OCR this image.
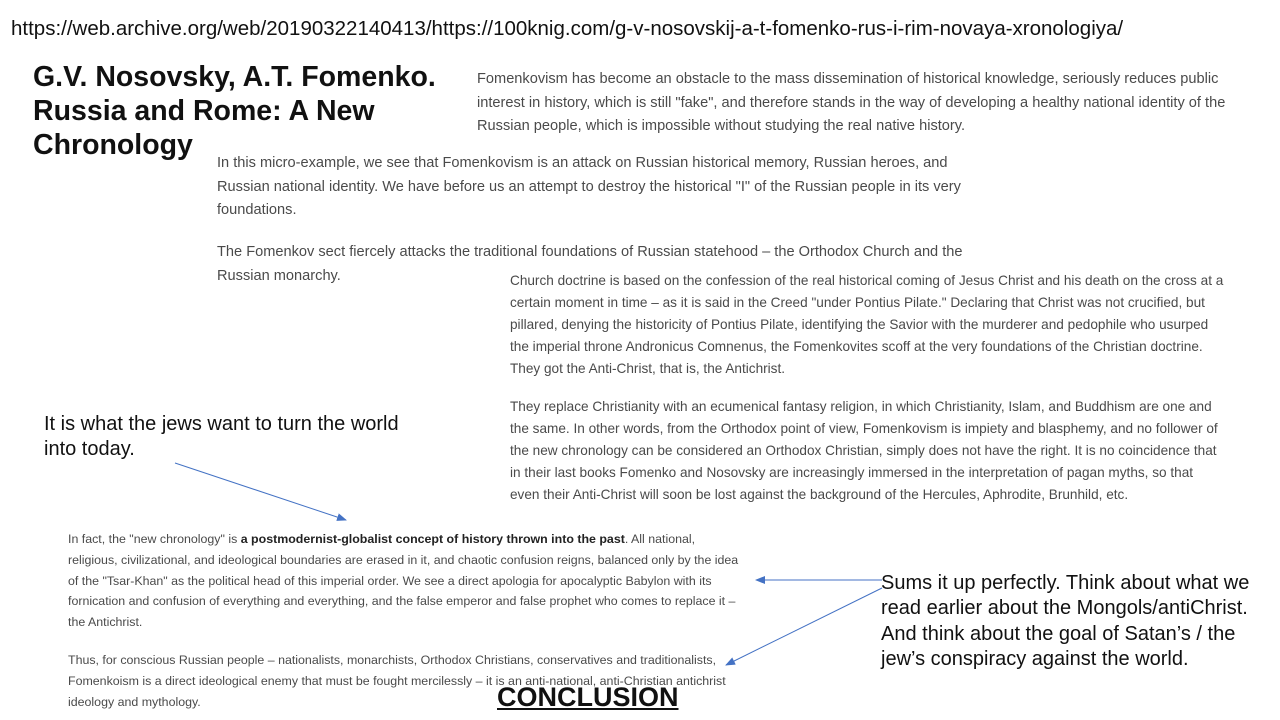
https://web.archive.org/web/20190322140413/https://100knig.com/g-v-nosovskij-a-t-fomenko-rus-i-rim-novaya-xronologiya/
G.V. Nosovsky, A.T. Fomenko. Russia and Rome: A New Chronology
Fomenkovism has become an obstacle to the mass dissemination of historical knowledge, seriously reduces public interest in history, which is still "fake", and therefore stands in the way of developing a healthy national identity of the Russian people, which is impossible without studying the real native history.
In this micro-example, we see that Fomenkovism is an attack on Russian historical memory, Russian heroes, and Russian national identity. We have before us an attempt to destroy the historical "I" of the Russian people in its very foundations.
The Fomenkov sect fiercely attacks the traditional foundations of Russian statehood – the Orthodox Church and the Russian monarchy.	Church doctrine is based on the confession of the real historical coming of Jesus Christ and his death on the cross at a certain moment in time – as it is said in the Creed "under Pontius Pilate." Declaring that Christ was not crucified, but pillared, denying the historicity of Pontius Pilate, identifying the Savior with the murderer and pedophile who usurped the imperial throne Andronicus Comnenus, the Fomenkovites scoff at the very foundations of the Christian doctrine. They got the Anti-Christ, that is, the Antichrist.
They replace Christianity with an ecumenical fantasy religion, in which Christianity, Islam, and Buddhism are one and the same. In other words, from the Orthodox point of view, Fomenkovism is impiety and blasphemy, and no follower of the new chronology can be considered an Orthodox Christian, simply does not have the right. It is no coincidence that in their last books Fomenko and Nosovsky are increasingly immersed in the interpretation of pagan myths, so that even their Anti-Christ will soon be lost against the background of the Hercules, Aphrodite, Brunhild, etc.
In fact, the "new chronology" is a postmodernist-globalist concept of history thrown into the past. All national, religious, civilizational, and ideological boundaries are erased in it, and chaotic confusion reigns, balanced only by the idea of the "Tsar-Khan" as the political head of this imperial order. We see a direct apologia for apocalyptic Babylon with its fornication and confusion of everything and everything, and the false emperor and false prophet who comes to replace it – the Antichrist.
Thus, for conscious Russian people – nationalists, monarchists, Orthodox Christians, conservatives and traditionalists, Fomenkoism is a direct ideological enemy that must be fought mercilessly – it is an anti-national, anti-Christian antichrist ideology and mythology.
It is what the jews want to turn the world into today.
Sums it up perfectly. Think about what we read earlier about the Mongols/antiChrist. And think about the goal of Satan’s / the jew’s conspiracy against the world.
CONCLUSION
